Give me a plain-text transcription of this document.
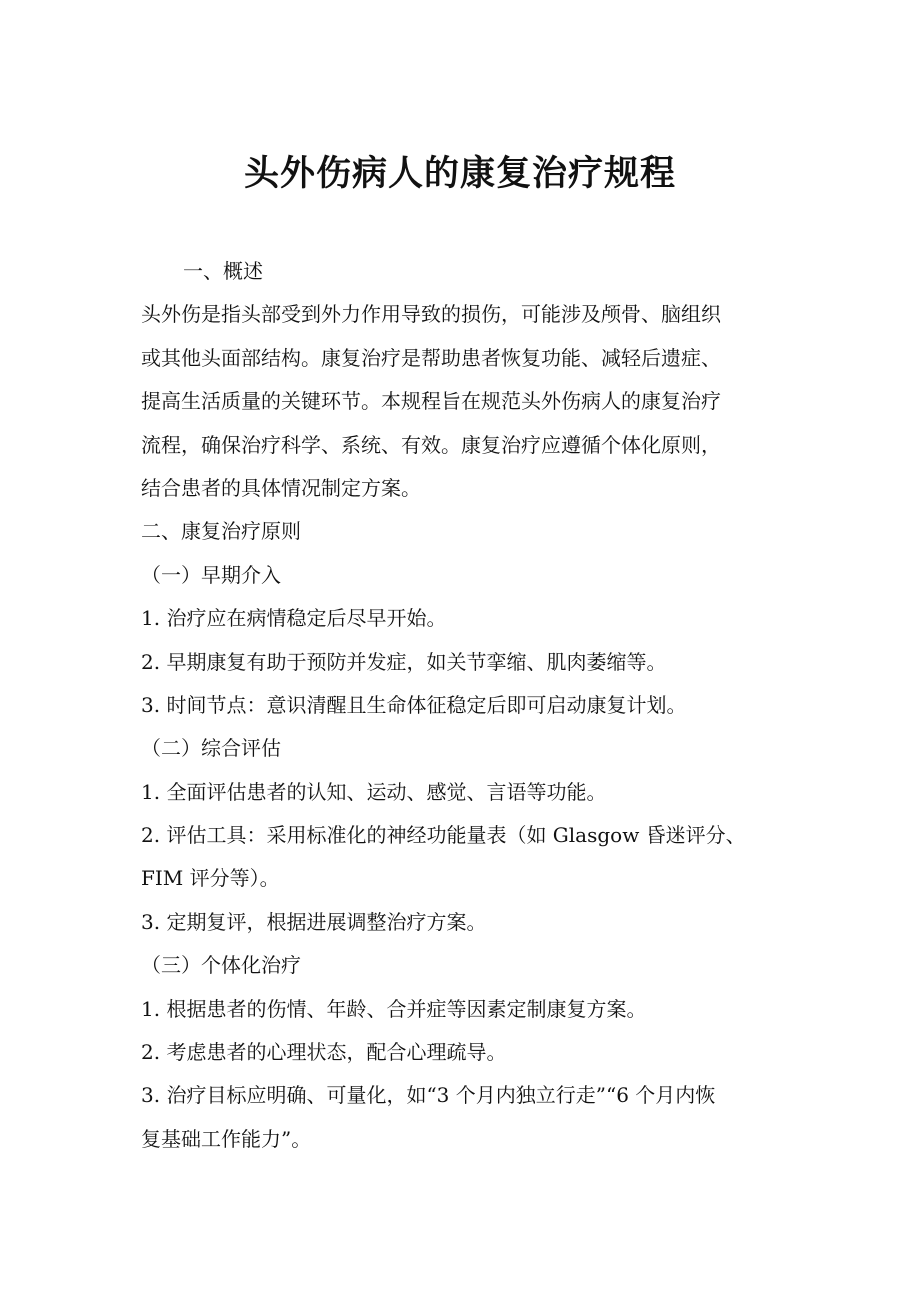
头外伤病人的康复治疗规程
一、概述
头外伤是指头部受到外力作用导致的损伤，可能涉及颅骨、脑组织
或其他头面部结构。康复治疗是帮助患者恢复功能、减轻后遗症、
提高生活质量的关键环节。本规程旨在规范头外伤病人的康复治疗
流程，确保治疗科学、系统、有效。康复治疗应遵循个体化原则，
结合患者的具体情况制定方案。
二、康复治疗原则
（一）早期介入
1. 治疗应在病情稳定后尽早开始。
2. 早期康复有助于预防并发症，如关节挛缩、肌肉萎缩等。
3. 时间节点：意识清醒且生命体征稳定后即可启动康复计划。
（二）综合评估
1. 全面评估患者的认知、运动、感觉、言语等功能。
2. 评估工具：采用标准化的神经功能量表（如 Glasgow 昏迷评分、
FIM 评分等）。
3. 定期复评，根据进展调整治疗方案。
（三）个体化治疗
1. 根据患者的伤情、年龄、合并症等因素定制康复方案。
2. 考虑患者的心理状态，配合心理疏导。
3. 治疗目标应明确、可量化，如“3 个月内独立行走”“6 个月内恢
复基础工作能力”。
